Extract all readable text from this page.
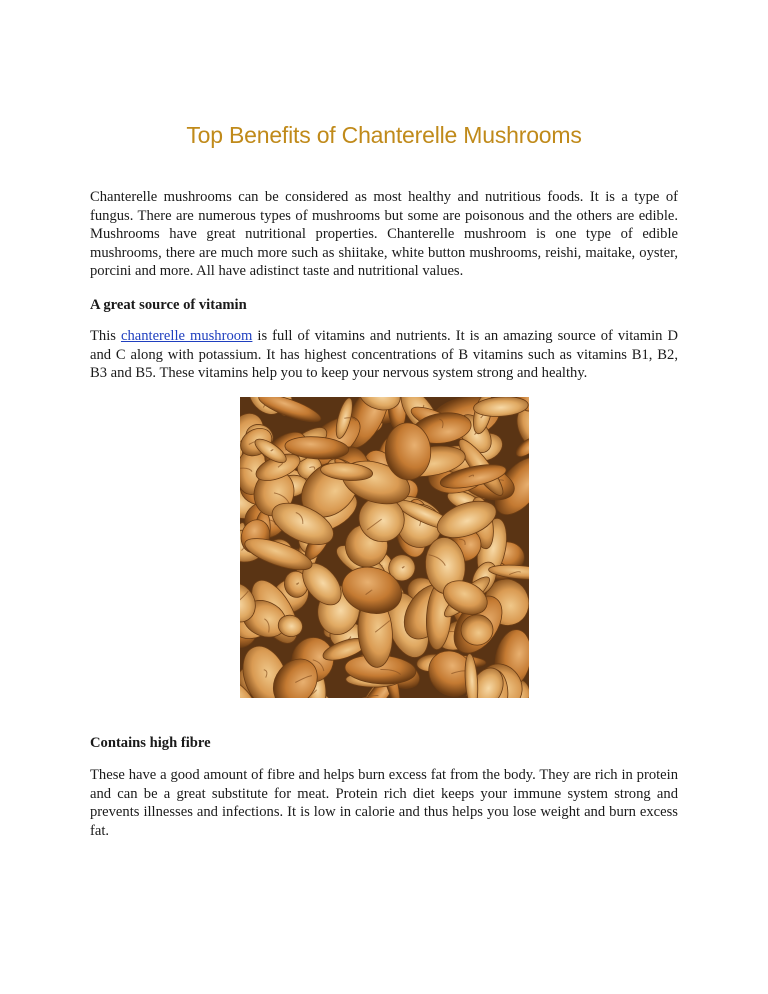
Top Benefits of Chanterelle Mushrooms

Chanterelle mushrooms can be considered as most healthy and nutritious foods. It is a type of fungus. There are numerous types of mushrooms but some are poisonous and the others are edible. Mushrooms have great nutritional properties. Chanterelle mushroom is one type of edible mushrooms, there are much more such as shiitake, white button mushrooms, reishi, maitake, oyster, porcini and more. All have adistinct taste and nutritional values.

A great source of vitamin

This chanterelle mushroom is full of vitamins and nutrients. It is an amazing source of vitamin D and C along with potassium. It has highest concentrations of B vitamins such as vitamins B1, B2, B3 and B5. These vitamins help you to keep your nervous system strong and healthy.

Contains high fibre

These have a good amount of fibre and helps burn excess fat from the body. They are rich in protein and can be a great substitute for meat. Protein rich diet keeps your immune system strong and prevents illnesses and infections. It is low in calorie and thus helps you lose weight and burn excess fat.
